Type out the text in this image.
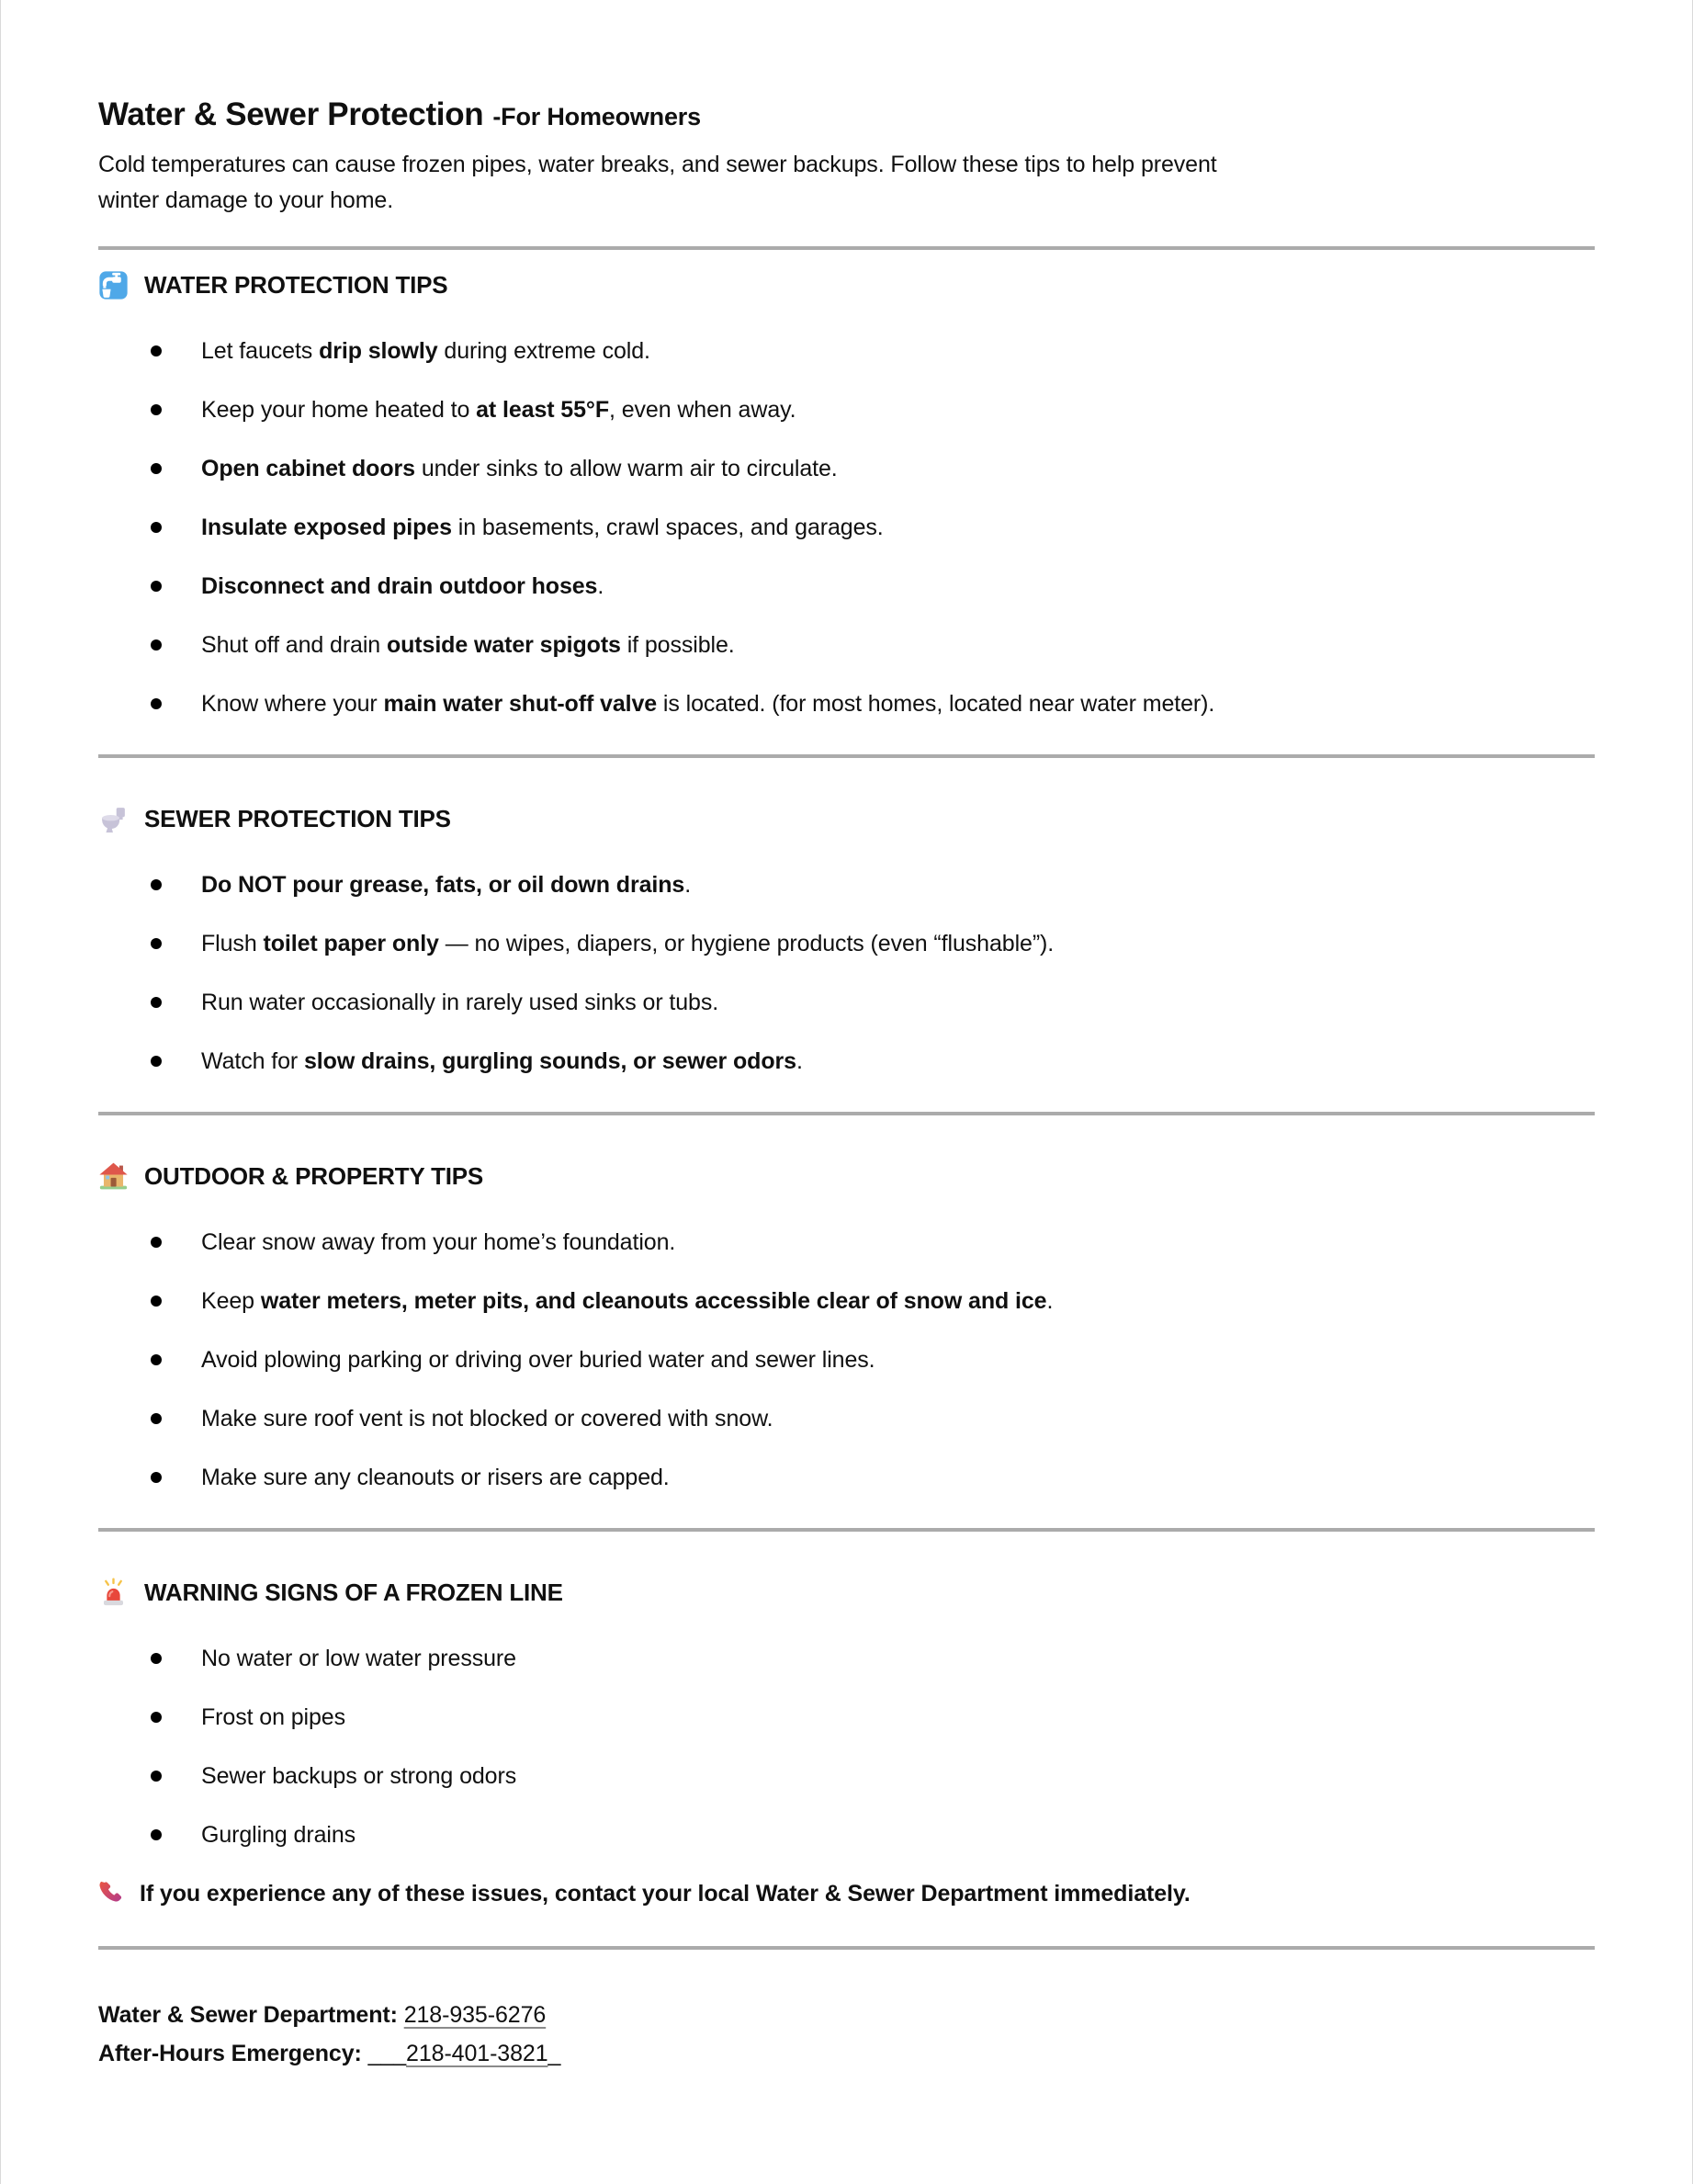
Water & Sewer Protection -For Homeowners

Cold temperatures can cause frozen pipes, water breaks, and sewer backups. Follow these tips to help prevent
winter damage to your home.

WATER PROTECTION TIPS
Let faucets drip slowly during extreme cold.
Keep your home heated to at least 55°F, even when away.
Open cabinet doors under sinks to allow warm air to circulate.
Insulate exposed pipes in basements, crawl spaces, and garages.
Disconnect and drain outdoor hoses.
Shut off and drain outside water spigots if possible.
Know where your main water shut-off valve is located. (for most homes, located near water meter).
SEWER PROTECTION TIPS
Do NOT pour grease, fats, or oil down drains.
Flush toilet paper only — no wipes, diapers, or hygiene products (even “flushable”).
Run water occasionally in rarely used sinks or tubs.
Watch for slow drains, gurgling sounds, or sewer odors.
OUTDOOR & PROPERTY TIPS
Clear snow away from your home’s foundation.
Keep water meters, meter pits, and cleanouts accessible clear of snow and ice.
Avoid plowing parking or driving over buried water and sewer lines.
Make sure roof vent is not blocked or covered with snow.
Make sure any cleanouts or risers are capped.
WARNING SIGNS OF A FROZEN LINE
No water or low water pressure
Frost on pipes
Sewer backups or strong odors
Gurgling drains
If you experience any of these issues, contact your local Water & Sewer Department immediately.
Water & Sewer Department: 218-935-6276
After-Hours Emergency: ___218-401-3821_
